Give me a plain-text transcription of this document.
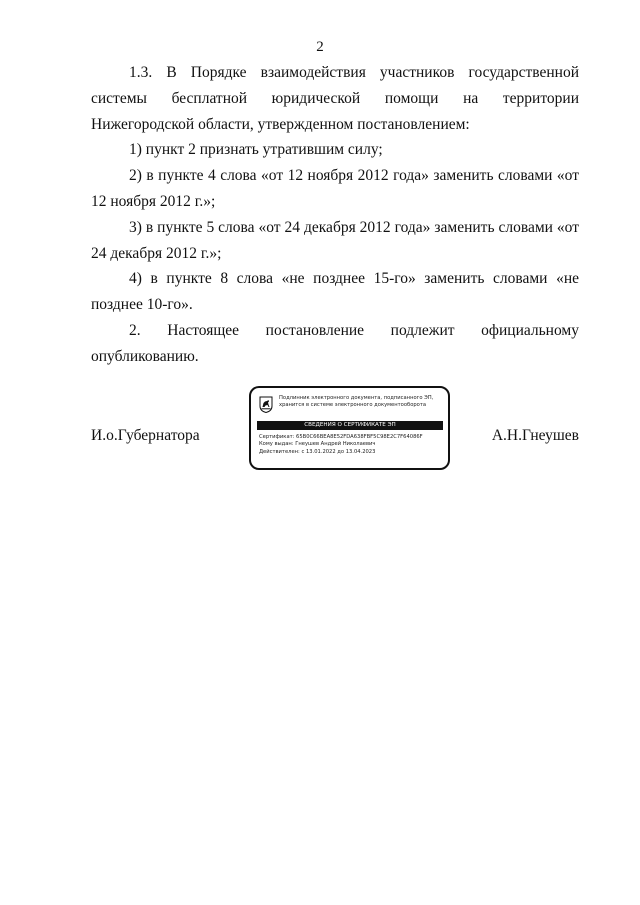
2

1.3. В Порядке взаимодействия участников государственной системы бесплатной юридической помощи на территории Нижегородской области, утвержденном постановлением:

1) пункт 2 признать утратившим силу;

2) в пункте 4 слова «от 12 ноября 2012 года» заменить словами «от 12 ноября 2012 г.»;

3) в пункте 5 слова «от 24 декабря 2012 года» заменить словами «от 24 декабря 2012 г.»;

4) в пункте 8 слова «не позднее 15-го» заменить словами «не позднее 10-го».

2. Настоящее постановление подлежит официальному опубликованию.

И.о.Губернатора
Подлинник электронного документа, подписанного ЭП,
хранится в системе электронного документооборота
СВЕДЕНИЯ О СЕРТИФИКАТЕ ЭП
Сертификат: 65B0C66BEA8E52FDA638FBF5C98E2C7F64086F
Кому выдан: Гнеушев Андрей Николаевич
Действителен: с 13.01.2022 до 13.04.2023
А.Н.Гнеушев
